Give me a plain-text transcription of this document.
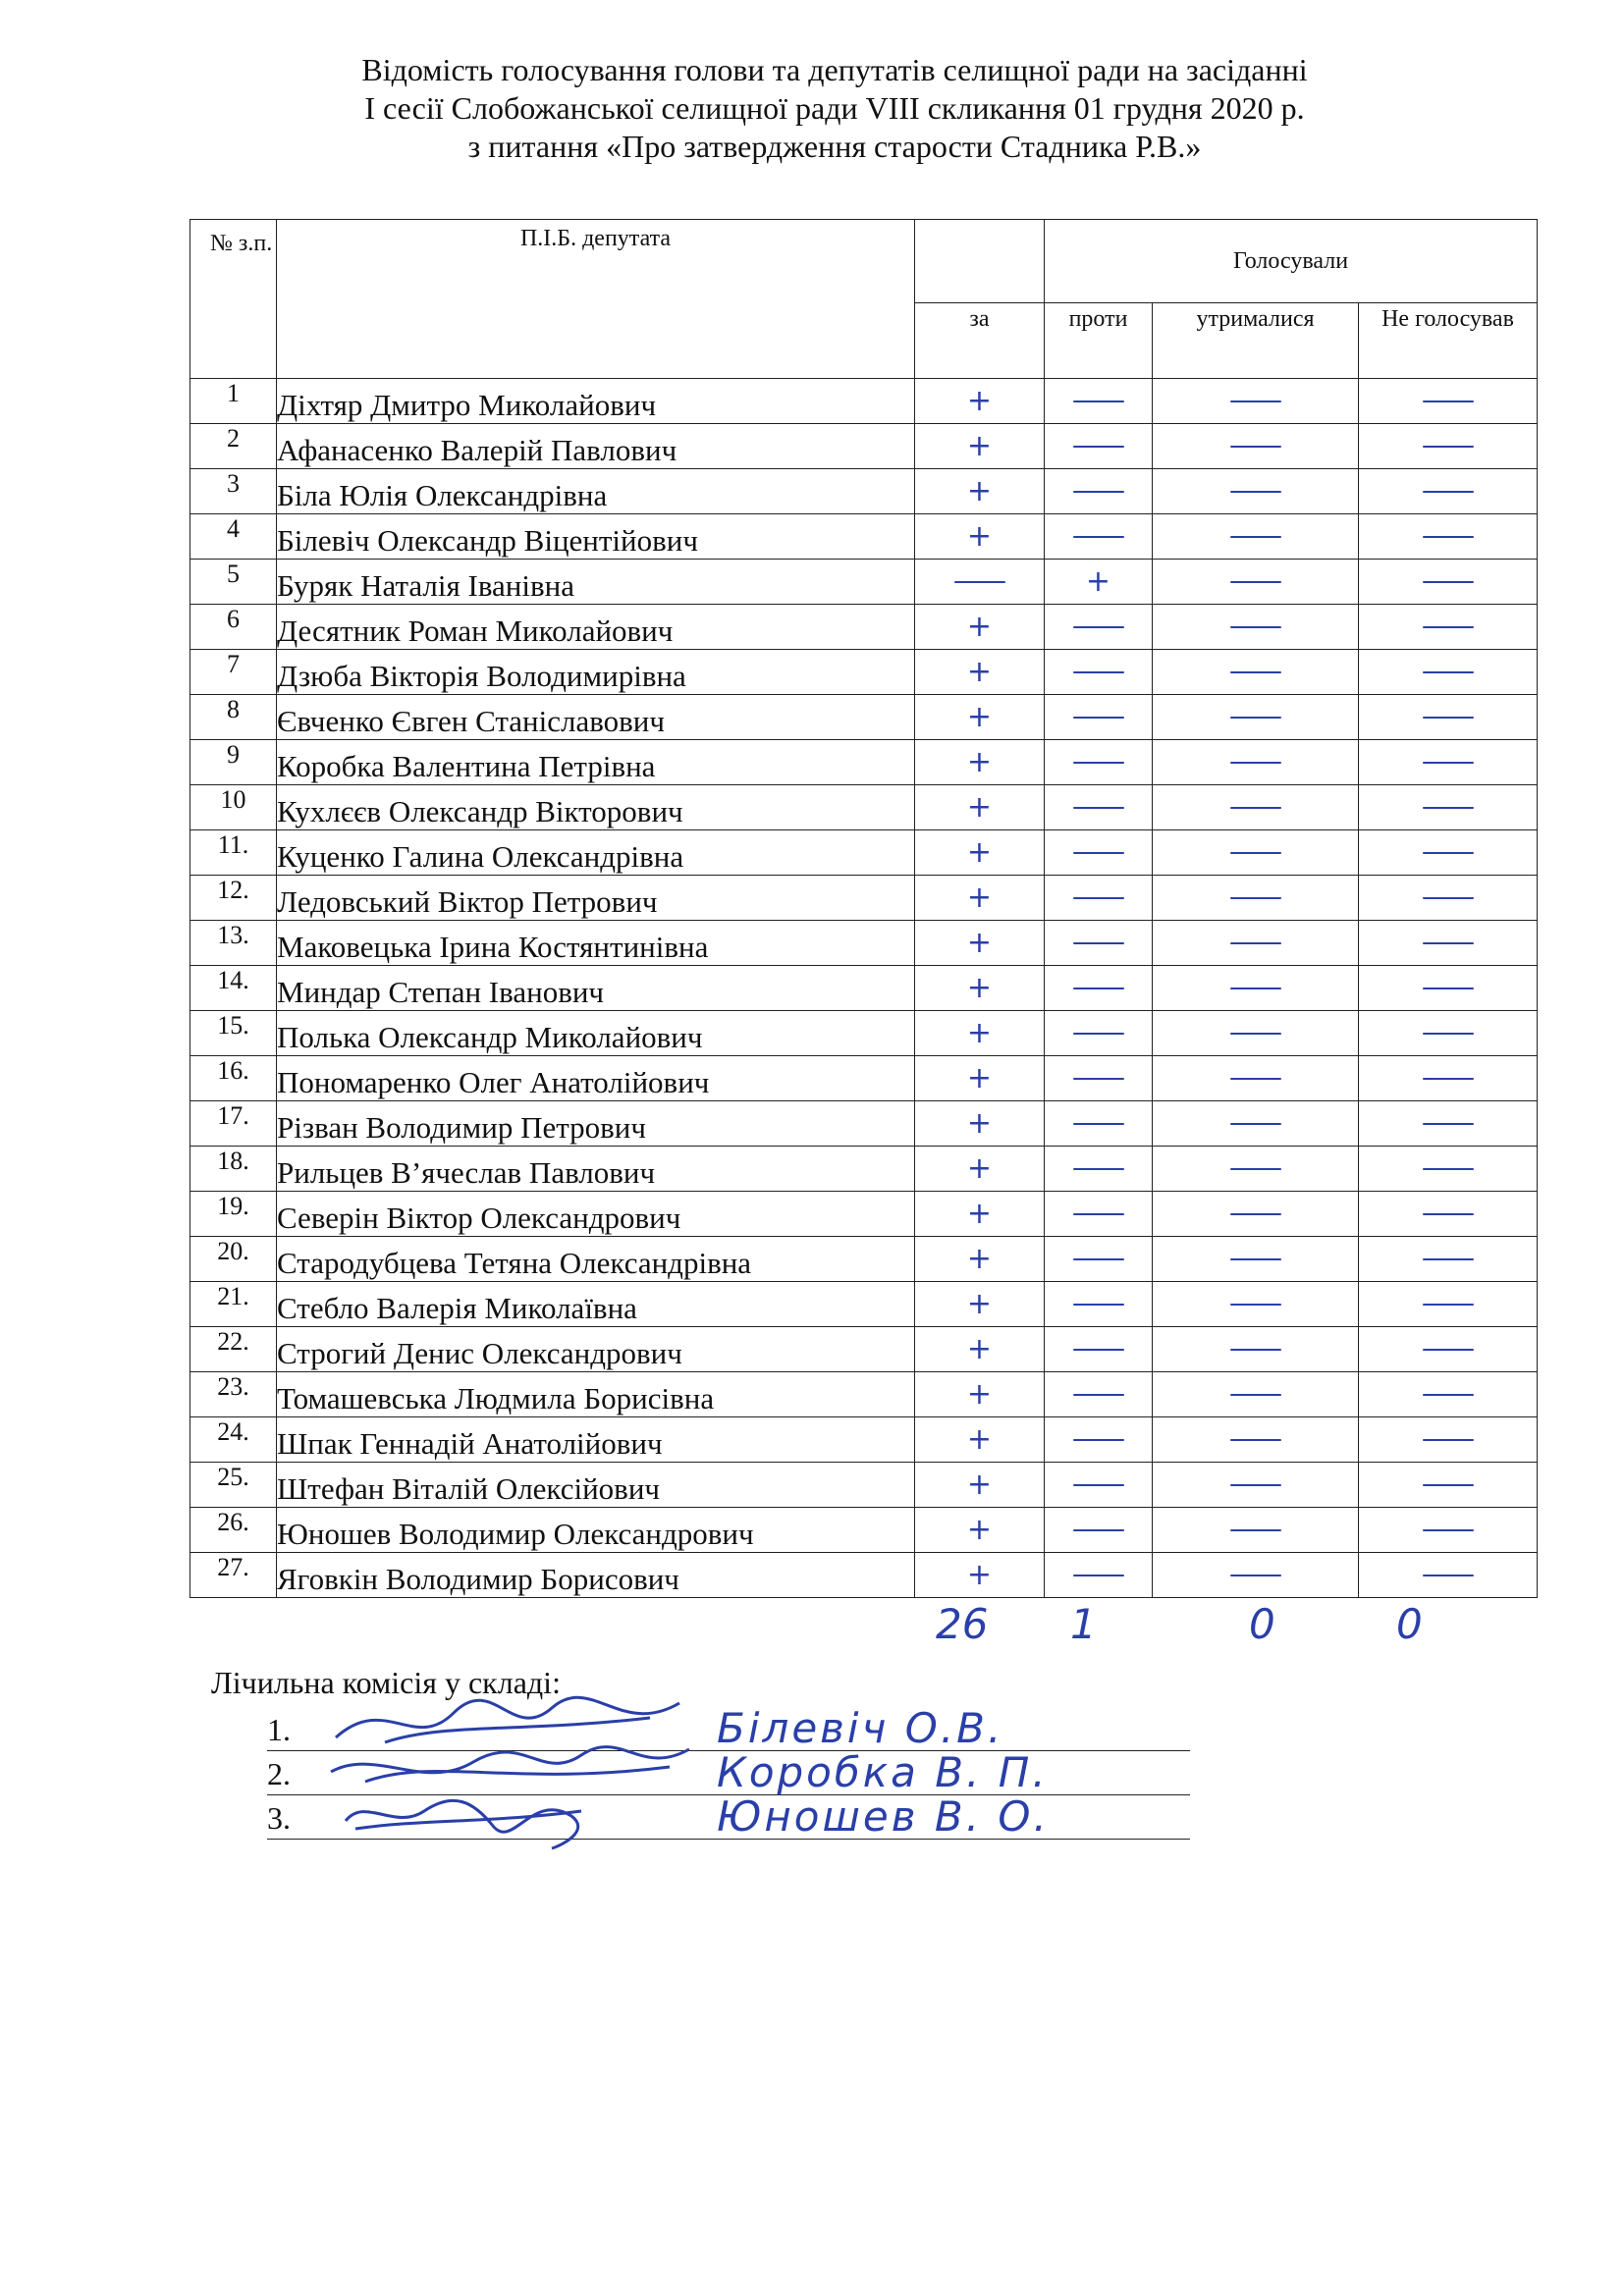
Відомість голосування голови та депутатів селищної ради на засіданні
І сесії Слобожанської селищної ради VIII скликання 01 грудня 2020 р.
з питання «Про затвердження старости Стадника Р.В.»
№ з.п.	П.І.Б. депутата		Голосували		
		за	проти	утрималися	Не голосував
1	Діхтяр Дмитро Миколайович	+			
2	Афанасенко Валерій Павлович	+			
3	Біла Юлія Олександрівна	+			
4	Білевіч Олександр Віцентійович	+			
5	Буряк Наталія Іванівна		+		
6	Десятник Роман Миколайович	+			
7	Дзюба Вікторія Володимирівна	+			
8	Євченко Євген Станіславович	+			
9	Коробка Валентина Петрівна	+			
10	Кухлєєв Олександр Вікторович	+			
11.	Куценко Галина Олександрівна	+			
12.	Ледовський Віктор Петрович	+			
13.	Маковецька Ірина Костянтинівна	+			
14.	Миндар Степан Іванович	+			
15.	Полька Олександр Миколайович	+			
16.	Пономаренко Олег Анатолійович	+			
17.	Різван Володимир Петрович	+			
18.	Рильцев В’ячеслав Павлович	+			
19.	Северін Віктор Олександрович	+			
20.	Стародубцева Тетяна Олександрівна	+			
21.	Стебло Валерія Миколаївна	+			
22.	Строгий Денис Олександрович	+			
23.	Томашевська Людмила Борисівна	+			
24.	Шпак Геннадій Анатолійович	+			
25.	Штефан Віталій Олексійович	+			
26.	Юношев Володимир Олександрович	+			
27.	Яговкін Володимир Борисович	+			
26 1	0	0
Лічильна комісія у складі:
1.	Білевіч О.В.
2.	Коробка В. П.
3.	Юношев В. О.
